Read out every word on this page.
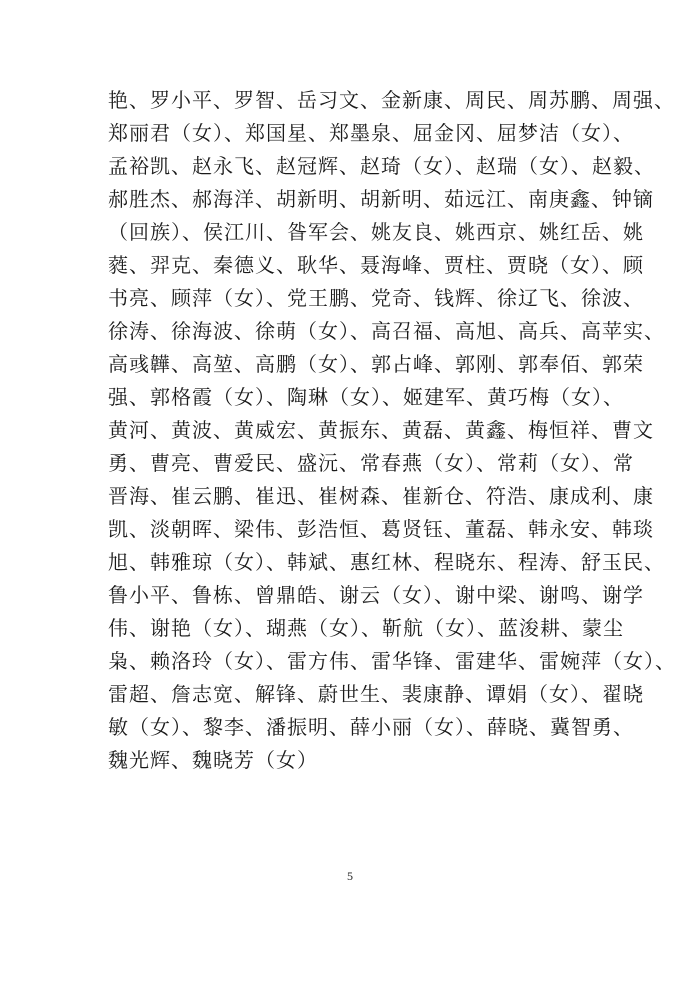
艳、罗小平、罗智、岳习文、金新康、周民、周苏鹏、周强、
郑丽君（女）、郑国星、郑墨泉、屈金冈、屈梦洁（女）、
孟裕凯、赵永飞、赵冠辉、赵琦（女）、赵瑞（女）、赵毅、
郝胜杰、郝海洋、胡新明、胡新明、茹远江、南庚鑫、钟镝
（回族）、侯江川、昝军会、姚友良、姚西京、姚红岳、姚
蕤、羿克、秦德义、耿华、聂海峰、贾柱、贾晓（女）、顾
书亮、顾萍（女）、党王鹏、党奇、钱辉、徐辽飞、徐波、
徐涛、徐海波、徐萌（女）、高召福、高旭、高兵、高苹实、
高彧韡、高堃、高鹏（女）、郭占峰、郭刚、郭奉佰、郭荣
强、郭格霞（女）、陶琳（女）、姬建军、黄巧梅（女）、
黄河、黄波、黄威宏、黄振东、黄磊、黄鑫、梅恒祥、曹文
勇、曹亮、曹爱民、盛沅、常春燕（女）、常莉（女）、常
晋海、崔云鹏、崔迅、崔树森、崔新仓、符浩、康成利、康
凯、淡朝晖、梁伟、彭浩恒、葛贤钰、董磊、韩永安、韩琰
旭、韩雅琼（女）、韩斌、惠红林、程晓东、程涛、舒玉民、
鲁小平、鲁栋、曾鼎皓、谢云（女）、谢中梁、谢鸣、谢学
伟、谢艳（女）、瑚燕（女）、靳航（女）、蓝浚耕、蒙尘
枭、赖洛玲（女）、雷方伟、雷华锋、雷建华、雷婉萍（女）、
雷超、詹志宽、解锋、蔚世生、裴康静、谭娟（女）、翟晓
敏（女）、黎李、潘振明、薛小丽（女）、薛晓、冀智勇、
魏光辉、魏晓芳（女）
5
